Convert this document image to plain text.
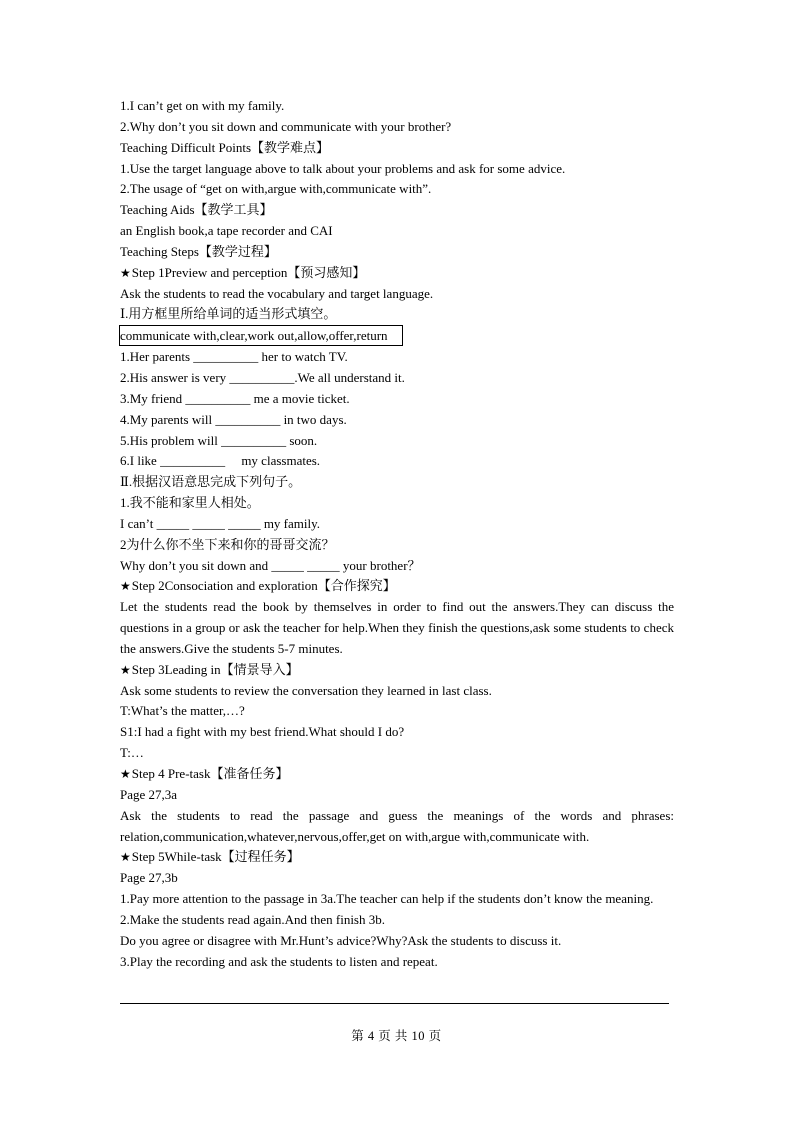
1.I can’t get on with my family.
2.Why don’t you sit down and communicate with your brother?
Teaching Difficult Points【教学难点】
1.Use the target language above to talk about your problems and ask for some advice.
2.The usage of “get on with,argue with,communicate with”.
Teaching Aids【教学工具】
an English book,a tape recorder and CAI
Teaching Steps【教学过程】
★ Step 1Preview and perception【预习感知】
Ask the students to read the vocabulary and target language.
Ⅰ.用方框里所给单词的适当形式填空。
communicate with,clear,work out,allow,offer,return
1.Her parents __________ her to watch TV.
2.His answer is very __________.We all understand it.
3.My friend __________ me a movie ticket.
4.My parents will __________ in two days.
5.His problem will __________ soon.
6.I like __________     my classmates.
Ⅱ.根据汉语意思完成下列句子。
1.我不能和家里人相处。
I can’t _____ _____ _____ my family.
2为什么你不坐下来和你的哥哥交流？
Why don’t you sit down and _____ _____ your brother？
★ Step 2Consociation and exploration【合作探究】
Let the students read the book by themselves in order to find out the answers.They can discuss the questions in a group or ask the teacher for help.When they finish the questions,ask some students to check the answers.Give the students 5-7 minutes.
★ Step 3Leading in【情景导入】
Ask some students to review the conversation they learned in last class.
T:What’s the matter,…?
S1:I had a fight with my best friend.What should I do?
T:…
★ Step 4 Pre-task【准备任务】
Page 27,3a
Ask the students to read the passage and guess the meanings of the words and phrases: relation,communication,whatever,nervous,offer,get on with,argue with,communicate with.
★ Step 5While-task【过程任务】
Page 27,3b
1.Pay more attention to the passage in 3a.The teacher can help if the students don’t know the meaning.
2.Make the students read again.And then finish 3b.
Do you agree or disagree with Mr.Hunt’s advice?Why?Ask the students to discuss it.
3.Play the recording and ask the students to listen and repeat.
第 4 页 共 10 页
